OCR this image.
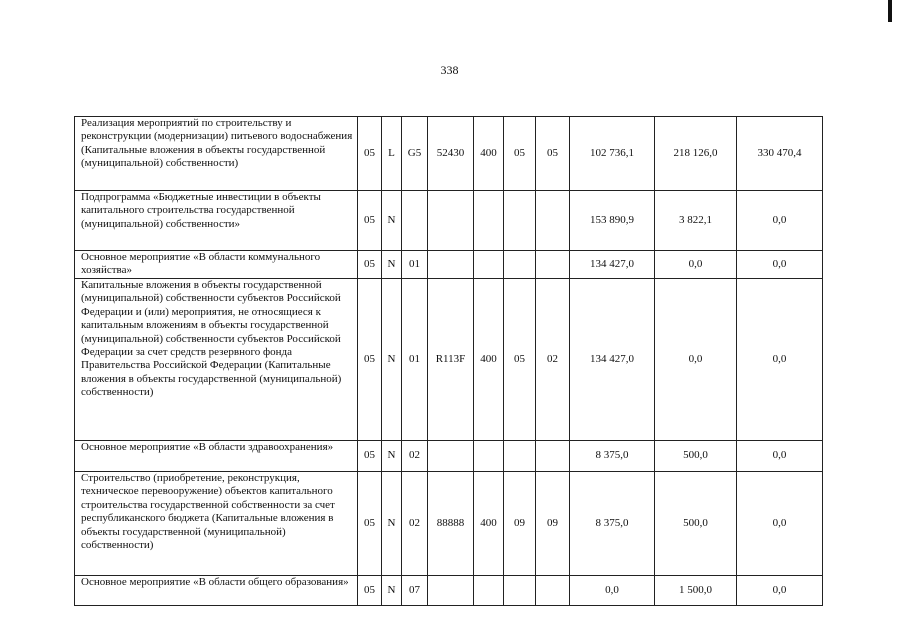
338
Реализация мероприятий по строительству и реконструкции (модернизации) питьевого водоснабжения (Капитальные вложения в объекты государственной (муниципальной) собственности)	05	L	G5	52430	400	05	05	102 736,1	218 126,0	330 470,4
Подпрограмма «Бюджетные инвестиции в объекты капитального строительства государственной (муниципальной) собственности»	05	N						153 890,9	3 822,1	0,0
Основное мероприятие «В области коммунального хозяйства»	05	N	01					134 427,0	0,0	0,0
Капитальные вложения в объекты государственной (муниципальной) собственности субъектов Российской Федерации и (или) мероприятия, не относящиеся к капитальным вложениям в объекты государственной (муниципальной) собственности субъектов Российской Федерации за счет средств резервного фонда Правительства Российской Федерации (Капитальные вложения в объекты государственной (муниципальной) собственности)	05	N	01	R113F	400	05	02	134 427,0	0,0	0,0
Основное мероприятие «В области здравоохранения»	05	N	02					8 375,0	500,0	0,0
Строительство (приобретение, реконструкция, техническое перевооружение) объектов капитального строительства государственной собственности за счет республиканского бюджета (Капитальные вложения в объекты государственной (муниципальной) собственности)	05	N	02	88888	400	09	09	8 375,0	500,0	0,0
Основное мероприятие «В области общего образования»	05	N	07					0,0	1 500,0	0,0
